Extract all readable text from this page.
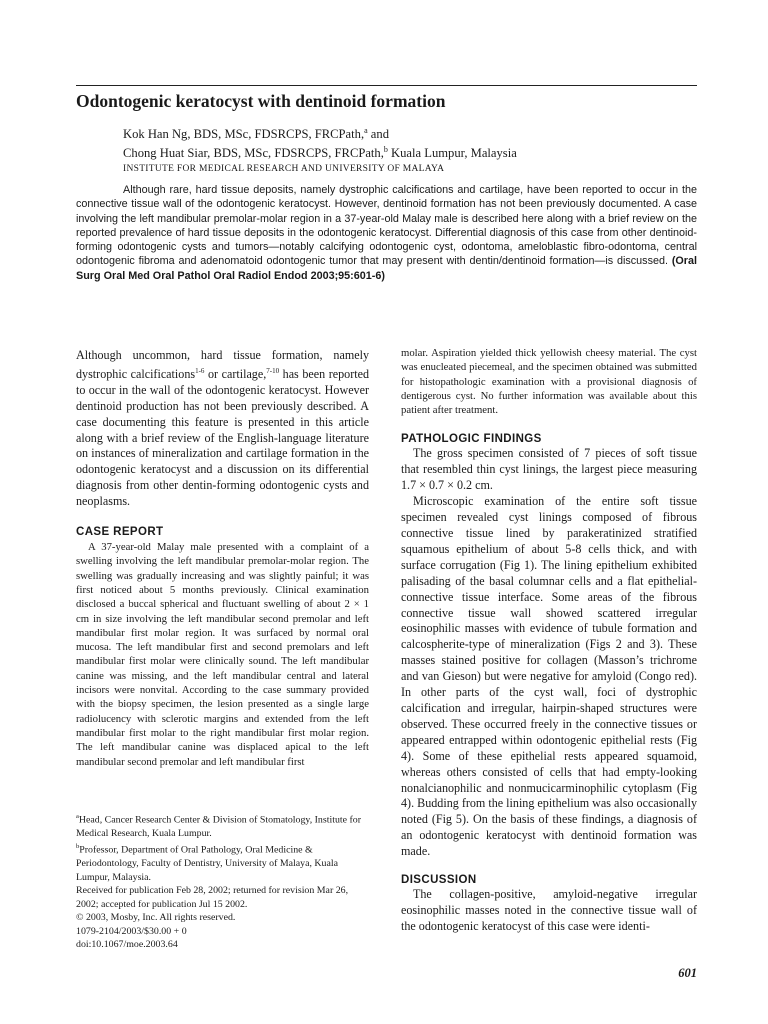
Odontogenic keratocyst with dentinoid formation
Kok Han Ng, BDS, MSc, FDSRCPS, FRCPath,$^a$ and
Chong Huat Siar, BDS, MSc, FDSRCPS, FRCPath,$^b$ Kuala Lumpur, Malaysia
INSTITUTE FOR MEDICAL RESEARCH AND UNIVERSITY OF MALAYA

Although rare, hard tissue deposits, namely dystrophic calcifications and cartilage, have been reported to occur in the connective tissue wall of the odontogenic keratocyst. However, dentinoid formation has not been previously documented. A case involving the left mandibular premolar-molar region in a 37-year-old Malay male is described here along with a brief review on the reported prevalence of hard tissue deposits in the odontogenic keratocyst. Differential diagnosis of this case from other dentinoid-forming odontogenic cysts and tumors—notably calcifying odontogenic cyst, odontoma, ameloblastic fibro-odontoma, central odontogenic fibroma and adenomatoid odontogenic tumor that may present with dentin/dentinoid formation—is discussed. (Oral Surg Oral Med Oral Pathol Oral Radiol Endod 2003;95:601-6)

Although uncommon, hard tissue formation, namely dystrophic calcifications$^{1-6}$ or cartilage,$^{7-10}$ has been reported to occur in the wall of the odontogenic keratocyst. However dentinoid production has not been previously described. A case documenting this feature is presented in this article along with a brief review of the English-language literature on instances of mineralization and cartilage formation in the odontogenic keratocyst and a discussion on its differential diagnosis from other dentin-forming odontogenic cysts and neoplasms.

CASE REPORT

A 37-year-old Malay male presented with a complaint of a swelling involving the left mandibular premolar-molar region. The swelling was gradually increasing and was slightly painful; it was first noticed about 5 months previously. Clinical examination disclosed a buccal spherical and fluctuant swelling of about 2 × 1 cm in size involving the left mandibular second premolar and left mandibular first molar region. It was surfaced by normal oral mucosa. The left mandibular first and second premolars and left mandibular first molar were clinically sound. The left mandibular canine was missing, and the left mandibular central and lateral incisors were nonvital. According to the case summary provided with the biopsy specimen, the lesion presented as a single large radiolucency with sclerotic margins and extended from the left mandibular first molar to the right mandibular first molar region. The left mandibular canine was displaced apical to the left mandibular second premolar and left mandibular first

$^a$Head, Cancer Research Center & Division of Stomatology, Institute for Medical Research, Kuala Lumpur.

$^b$Professor, Department of Oral Pathology, Oral Medicine & Periodontology, Faculty of Dentistry, University of Malaya, Kuala Lumpur, Malaysia.

Received for publication Feb 28, 2002; returned for revision Mar 26, 2002; accepted for publication Jul 15 2002.

© 2003, Mosby, Inc. All rights reserved.

1079-2104/2003/$30.00 + 0

doi:10.1067/moe.2003.64

molar. Aspiration yielded thick yellowish cheesy material. The cyst was enucleated piecemeal, and the specimen obtained was submitted for histopathologic examination with a provisional diagnosis of dentigerous cyst. No further information was available about this patient after treatment.

PATHOLOGIC FINDINGS

The gross specimen consisted of 7 pieces of soft tissue that resembled thin cyst linings, the largest piece measuring 1.7 × 0.7 × 0.2 cm.

Microscopic examination of the entire soft tissue specimen revealed cyst linings composed of fibrous connective tissue lined by parakeratinized stratified squamous epithelium of about 5-8 cells thick, and with surface corrugation (Fig 1). The lining epithelium exhibited palisading of the basal columnar cells and a flat epithelial-connective tissue interface. Some areas of the fibrous connective tissue wall showed scattered irregular eosinophilic masses with evidence of tubule formation and calcospherite-type of mineralization (Figs 2 and 3). These masses stained positive for collagen (Masson’s trichrome and van Gieson) but were negative for amyloid (Congo red). In other parts of the cyst wall, foci of dystrophic calcification and irregular, hairpin-shaped structures were observed. These occurred freely in the connective tissues or appeared entrapped within odontogenic epithelial rests (Fig 4). Some of these epithelial rests appeared squamoid, whereas others consisted of cells that had empty-looking nonalcianophilic and nonmucicarminophilic cytoplasm (Fig 4). Budding from the lining epithelium was also occasionally noted (Fig 5). On the basis of these findings, a diagnosis of an odontogenic keratocyst with dentinoid formation was made.

DISCUSSION

The collagen-positive, amyloid-negative irregular eosinophilic masses noted in the connective tissue wall of the odontogenic keratocyst of this case were identi-

601
